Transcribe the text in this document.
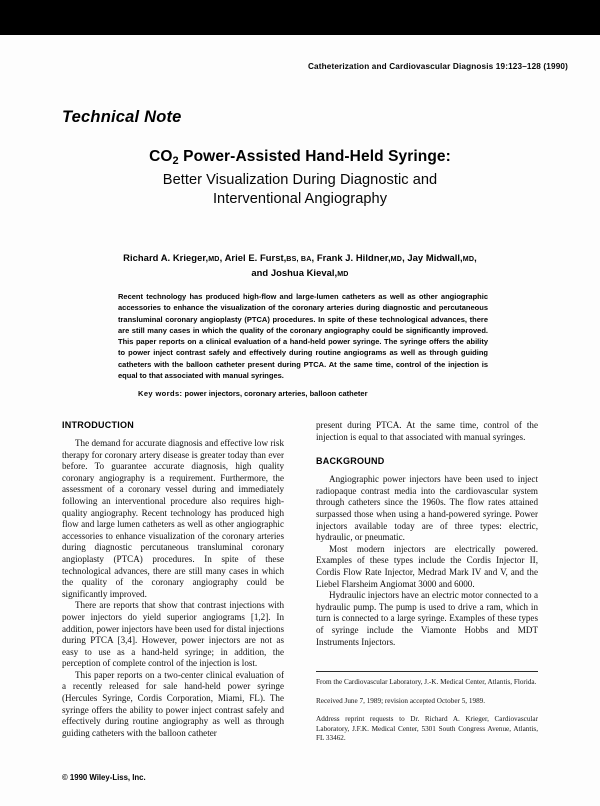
Catheterization and Cardiovascular Diagnosis 19:123–128 (1990)
Technical Note
$CO_2$ Power-Assisted Hand-Held Syringe:
Better Visualization During Diagnostic and
Interventional Angiography
Richard A. Krieger,MD, Ariel E. Furst,BS, BA, Frank J. Hildner,MD, Jay Midwall,MD,
and Joshua Kieval,MD
Recent technology has produced high-flow and large-lumen catheters as well as other angiographic accessories to enhance the visualization of the coronary arteries during diagnostic and percutaneous transluminal coronary angioplasty (PTCA) procedures. In spite of these technological advances, there are still many cases in which the quality of the coronary angiography could be significantly improved. This paper reports on a clinical evaluation of a hand-held power syringe. The syringe offers the ability to power inject contrast safely and effectively during routine angiograms as well as through guiding catheters with the balloon catheter present during PTCA. At the same time, control of the injection is equal to that associated with manual syringes.
Key words: power injectors, coronary arteries, balloon catheter
INTRODUCTION

The demand for accurate diagnosis and effective low risk therapy for coronary artery disease is greater today than ever before. To guarantee accurate diagnosis, high quality coronary angiography is a requirement. Furthermore, the assessment of a coronary vessel during and immediately following an interventional procedure also requires high-quality angiography. Recent technology has produced high flow and large lumen catheters as well as other angiographic accessories to enhance visualization of the coronary arteries during diagnostic percutaneous transluminal coronary angioplasty (PTCA) procedures. In spite of these technological advances, there are still many cases in which the quality of the coronary angiography could be significantly improved.

There are reports that show that contrast injections with power injectors do yield superior angiograms [1,2]. In addition, power injectors have been used for distal injections during PTCA [3,4]. However, power injectors are not as easy to use as a hand-held syringe; in addition, the perception of complete control of the injection is lost.

This paper reports on a two-center clinical evaluation of a recently released for sale hand-held power syringe (Hercules Syringe, Cordis Corporation, Miami, FL). The syringe offers the ability to power inject contrast safely and effectively during routine angiography as well as through guiding catheters with the balloon catheter

present during PTCA. At the same time, control of the injection is equal to that associated with manual syringes.

BACKGROUND

Angiographic power injectors have been used to inject radiopaque contrast media into the cardiovascular system through catheters since the 1960s. The flow rates attained surpassed those when using a hand-powered syringe. Power injectors available today are of three types: electric, hydraulic, or pneumatic.

Most modern injectors are electrically powered. Examples of these types include the Cordis Injector II, Cordis Flow Rate Injector, Medrad Mark IV and V, and the Liebel Flarsheim Angiomat 3000 and 6000.

Hydraulic injectors have an electric motor connected to a hydraulic pump. The pump is used to drive a ram, which in turn is connected to a large syringe. Examples of these types of syringe include the Viamonte Hobbs and MDT Instruments Injectors.

From the Cardiovascular Laboratory, J.-K. Medical Center, Atlantis, Florida.

Received June 7, 1989; revision accepted October 5, 1989.

Address reprint requests to Dr. Richard A. Krieger, Cardiovascular Laboratory, J.F.K. Medical Center, 5301 South Congress Avenue, Atlantis, FL 33462.

© 1990 Wiley-Liss, Inc.
